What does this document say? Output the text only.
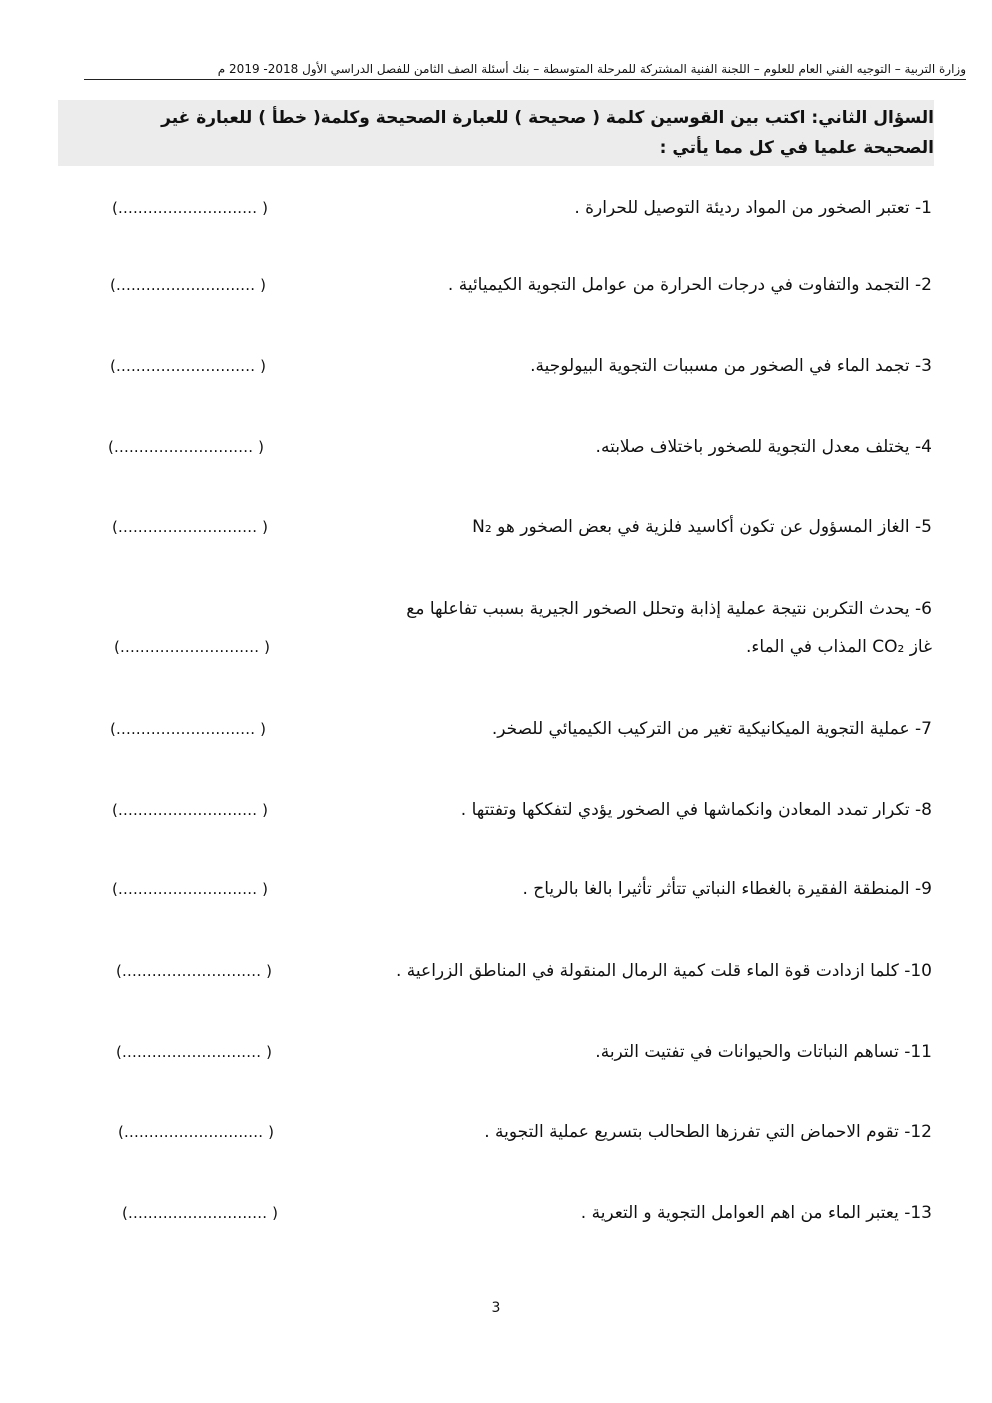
وزارة التربية – التوجيه الفني العام للعلوم – اللجنة الفنية المشتركة للمرحلة المتوسطة – بنك أسئلة الصف الثامن للفصل الدراسي الأول 2018- 2019 م
السؤال الثاني: اكتب بين القوسين كلمة ( صحيحة ) للعبارة الصحيحة وكلمة( خطأ ) للعبارة غير
الصحيحة علميا في كل مما يأتي :
1- تعتبر الصخور من المواد رديئة التوصيل للحرارة .
(............................ )
2- التجمد والتفاوت في درجات الحرارة من عوامل التجوية الكيميائية .
(............................ )
3- تجمد الماء في الصخور من مسببات التجوية البيولوجية.
(............................ )
4- يختلف معدل التجوية للصخور باختلاف صلابته.
(............................ )
5- الغاز المسؤول عن تكون أكاسيد فلزية في بعض الصخور هو N₂
(............................ )
6- يحدث التكربن نتيجة عملية إذابة وتحلل الصخور الجيرية بسبب تفاعلها مع
غاز CO₂ المذاب في الماء.
(............................ )
7- عملية التجوية الميكانيكية تغير من التركيب الكيميائي للصخر.
(............................ )
8- تكرار تمدد المعادن وانكماشها في الصخور يؤدي لتفككها وتفتتها .
(............................ )
9- المنطقة الفقيرة بالغطاء النباتي تتأثر تأثيرا بالغا بالرياح .
(............................ )
10- كلما ازدادت قوة الماء قلت كمية الرمال المنقولة في المناطق الزراعية .
(............................ )
11- تساهم النباتات والحيوانات في تفتيت التربة.
(............................ )
12- تقوم الاحماض التي تفرزها الطحالب بتسريع عملية التجوية .
(............................ )
13- يعتبر الماء من اهم العوامل التجوية و التعرية .
(............................ )
3
